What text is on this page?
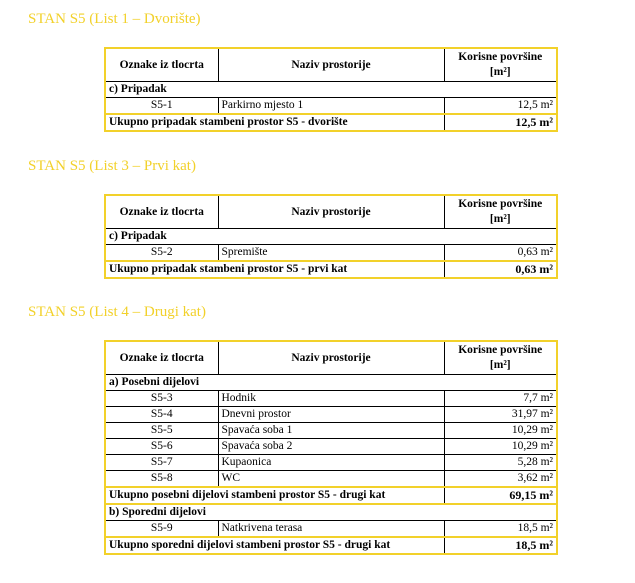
STAN S5 (List 1 – Dvorište)
Oznake iz tlocrta	Naziv prostorije	Korisne površine
[m²]
c) Pripadak		
S5-1	Parkirno mjesto 1	12,5 m²
Ukupno pripadak stambeni prostor S5 - dvorište		12,5 m²
STAN S5 (List 3 – Prvi kat)
Oznake iz tlocrta	Naziv prostorije	Korisne površine
[m²]
c) Pripadak		
S5-2	Spremište	0,63 m²
Ukupno pripadak stambeni prostor S5 - prvi kat		0,63 m²
STAN S5 (List 4 – Drugi kat)
Oznake iz tlocrta	Naziv prostorije	Korisne površine
[m²]
a) Posebni dijelovi		
S5-3	Hodnik	7,7 m²
S5-4	Dnevni prostor	31,97 m²
S5-5	Spavaća soba 1	10,29 m²
S5-6	Spavaća soba 2	10,29 m²
S5-7	Kupaonica	5,28 m²
S5-8	WC	3,62 m²
Ukupno posebni dijelovi stambeni prostor S5 - drugi kat		69,15 m²
b) Sporedni dijelovi		
S5-9	Natkrivena terasa	18,5 m²
Ukupno sporedni dijelovi stambeni prostor S5 - drugi kat		18,5 m²
